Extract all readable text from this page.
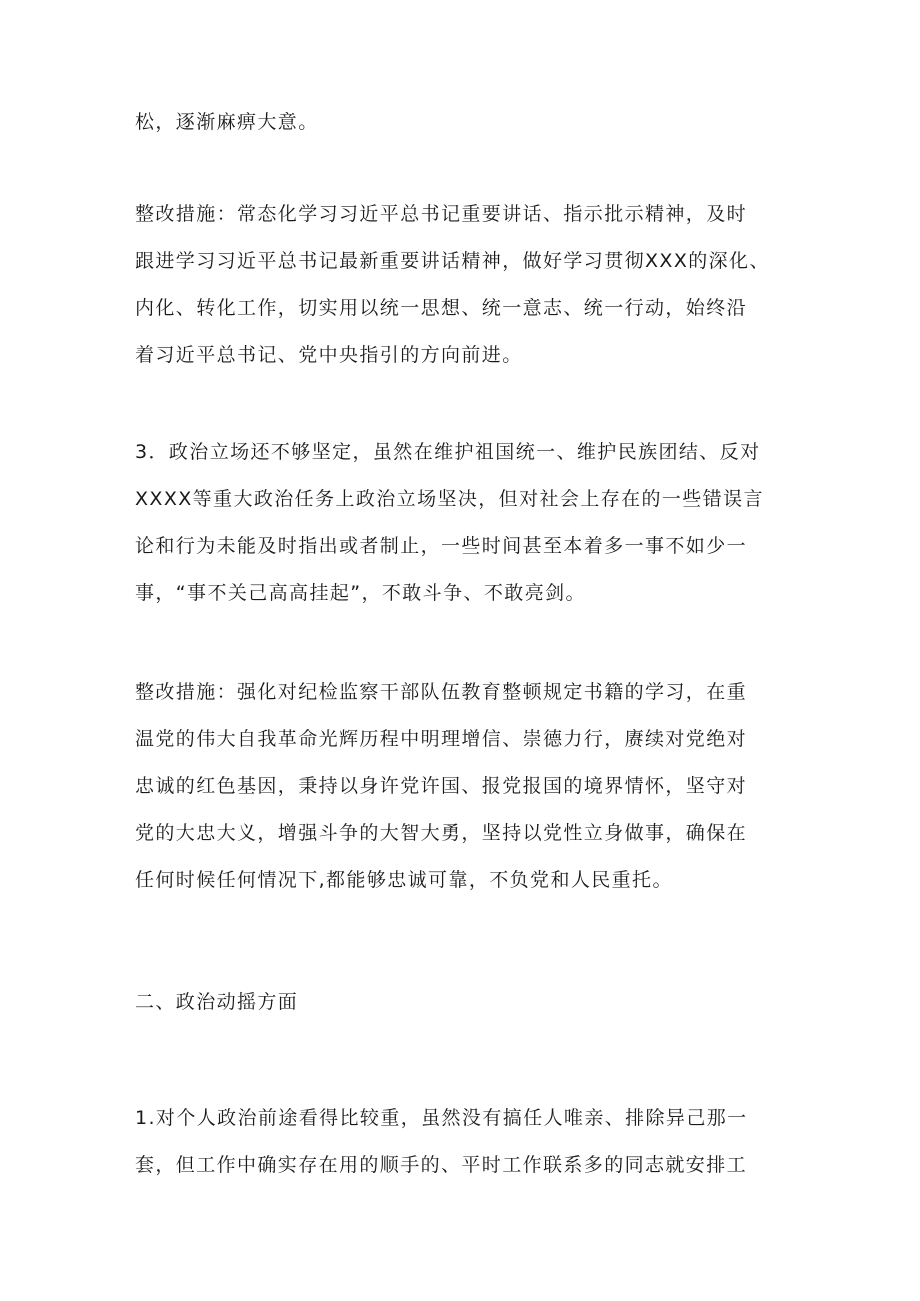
松，逐渐麻痹大意。
整改措施：常态化学习习近平总书记重要讲话、指示批示精神，及时
跟进学习习近平总书记最新重要讲话精神，做好学习贯彻XXX的深化、
内化、转化工作，切实用以统一思想、统一意志、统一行动，始终沿
着习近平总书记、党中央指引的方向前进。
3．政治立场还不够坚定，虽然在维护祖国统一、维护民族团结、反对
XXXX等重大政治任务上政治立场坚决，但对社会上存在的一些错误言
论和行为未能及时指出或者制止，一些时间甚至本着多一事不如少一
事，“事不关己高高挂起”，不敢斗争、不敢亮剑。
整改措施：强化对纪检监察干部队伍教育整顿规定书籍的学习，在重
温党的伟大自我革命光辉历程中明理增信、崇德力行，赓续对党绝对
忠诚的红色基因，秉持以身许党许国、报党报国的境界情怀，坚守对
党的大忠大义，增强斗争的大智大勇，坚持以党性立身做事，确保在
任何时候任何情况下,都能够忠诚可靠，不负党和人民重托。
二、政治动摇方面
1.对个人政治前途看得比较重，虽然没有搞任人唯亲、排除异己那一
套，但工作中确实存在用的顺手的、平时工作联系多的同志就安排工
